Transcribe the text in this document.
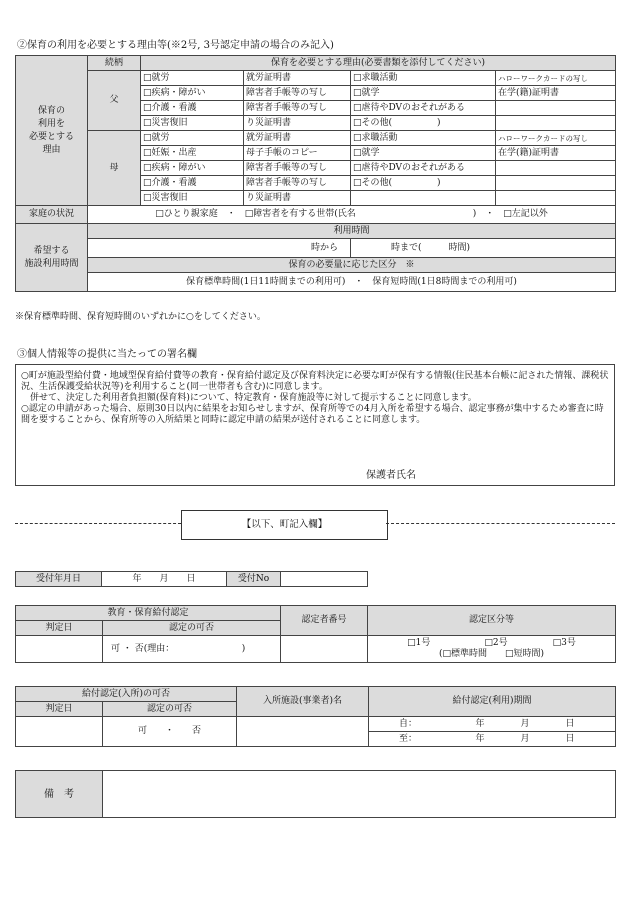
②保育の利用を必要とする理由等(※2号, 3号認定申請の場合のみ記入)
保育の
利用を
必要とする
理由	続柄	保育を必要とする理由(必要書類を添付してください)			
	父	□就労	就労証明書	□求職活動	ハローワークカードの写し
		□疾病・障がい	障害者手帳等の写し	□就学	在学(籍)証明書
		□介護・看護	障害者手帳等の写し	□虐待やDVのおそれがある	
		□災害復旧	り災証明書	□その他(　　　　　)	
	母	□就労	就労証明書	□求職活動	ハローワークカードの写し
		□妊娠・出産	母子手帳のコピー	□就学	在学(籍)証明書
		□疾病・障がい	障害者手帳等の写し	□虐待やDVのおそれがある	
		□介護・看護	障害者手帳等の写し	□その他(　　　　　)	
		□災害復旧	り災証明書		
家庭の状況	□ひとり親家庭　・　□障害者を有する世帯(氏名　　　　　　　　　　　　　)　・　□左記以外				
希望する
施設利用時間	利用時間				
	時から			時まで(　　　時間)	
	保育の必要量に応じた区分　※				
	保育標準時間(1日11時間までの利用可)　・　保育短時間(1日8時間までの利用可)				
※保育標準時間、保育短時間のいずれかに○をしてください。
③個人情報等の提供に当たっての署名欄
○町が施設型給付費・地域型保育給付費等の教育・保育給付認定及び保育料決定に必要な町が保有する情報(住民基本台帳に記された情報、課税状況、生活保護受給状況等)を利用すること(同一世帯者も含む)に同意します。
　併せて、決定した利用者負担額(保育料)について、特定教育・保育施設等に対して提示することに同意します。
○認定の申請があった場合、原則30日以内に結果をお知らせしますが、保育所等での4月入所を希望する場合、認定事務が集中するため審査に時間を要することから、保育所等の入所結果と同時に認定申請の結果が送付されることに同意します。
保護者氏名
【以下、町記入欄】
受付年月日	年　　月　　日	受付No	
教育・保育給付認定		認定者番号	認定区分等
判定日	認定の可否		
	可 ・ 否(理由：　　　　　　　　)		□1号　　　　　　□2号　　　　　□3号
(□標準時間　　□短時間)
給付認定(入所)の可否		入所施設(事業者)名	給付認定(利用)期間
判定日	認定の可否		
	可　　・　　否		自：　　　　　　　年　　　　月　　　　日
			至：　　　　　　　年　　　　月　　　　日
備　考	
